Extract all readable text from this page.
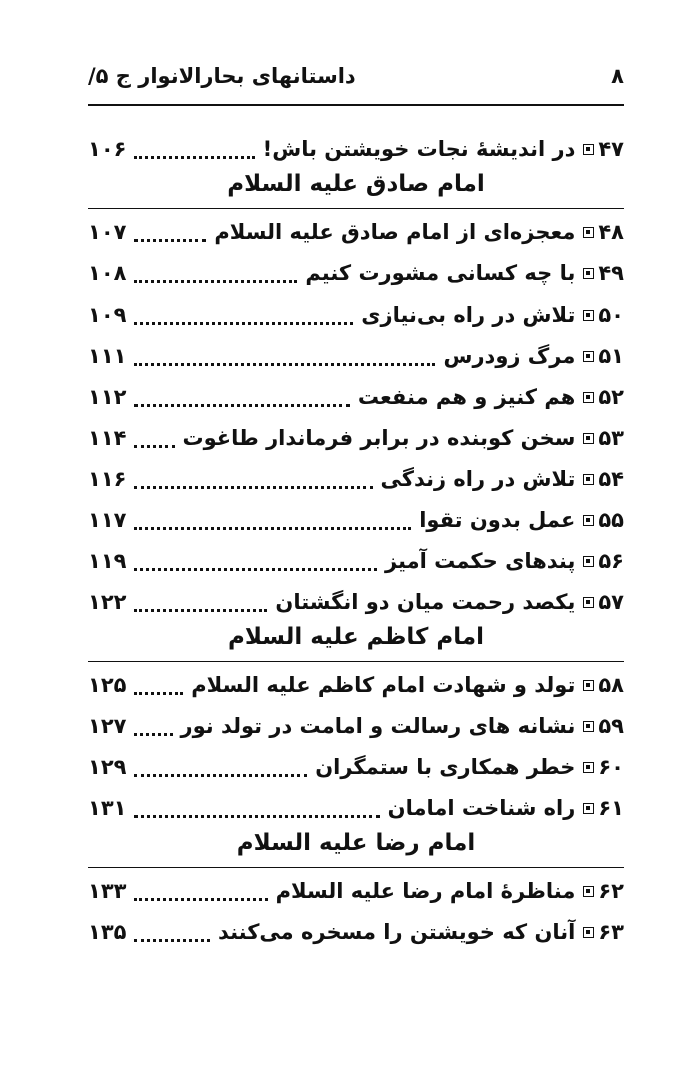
۸
داستانهای بحارالانوار ج ۵/
۴۷
در اندیشهٔ نجات خویشتن باش!
۱۰۶
امام صادق علیه السلام
۴۸
معجزه‌ای از امام صادق علیه السلام
۱۰۷
۴۹
با چه کسانی مشورت کنیم
۱۰۸
۵۰
تلاش در راه بی‌نیازی
۱۰۹
۵۱
مرگ زودرس
۱۱۱
۵۲
هم کنیز و هم منفعت
۱۱۲
۵۳
سخن کوبنده در برابر فرماندار طاغوت
۱۱۴
۵۴
تلاش در راه زندگی
۱۱۶
۵۵
عمل بدون تقوا
۱۱۷
۵۶
پندهای حکمت آمیز
۱۱۹
۵۷
یکصد رحمت میان دو انگشتان
۱۲۲
امام کاظم علیه السلام
۵۸
تولد و شهادت امام کاظم علیه السلام
۱۲۵
۵۹
نشانه های رسالت و امامت در تولد نور
۱۲۷
۶۰
خطر همکاری با ستمگران
۱۲۹
۶۱
راه شناخت امامان
۱۳۱
امام رضا علیه السلام
۶۲
مناظرهٔ امام رضا علیه السلام
۱۳۳
۶۳
آنان که خویشتن را مسخره می‌کنند
۱۳۵
